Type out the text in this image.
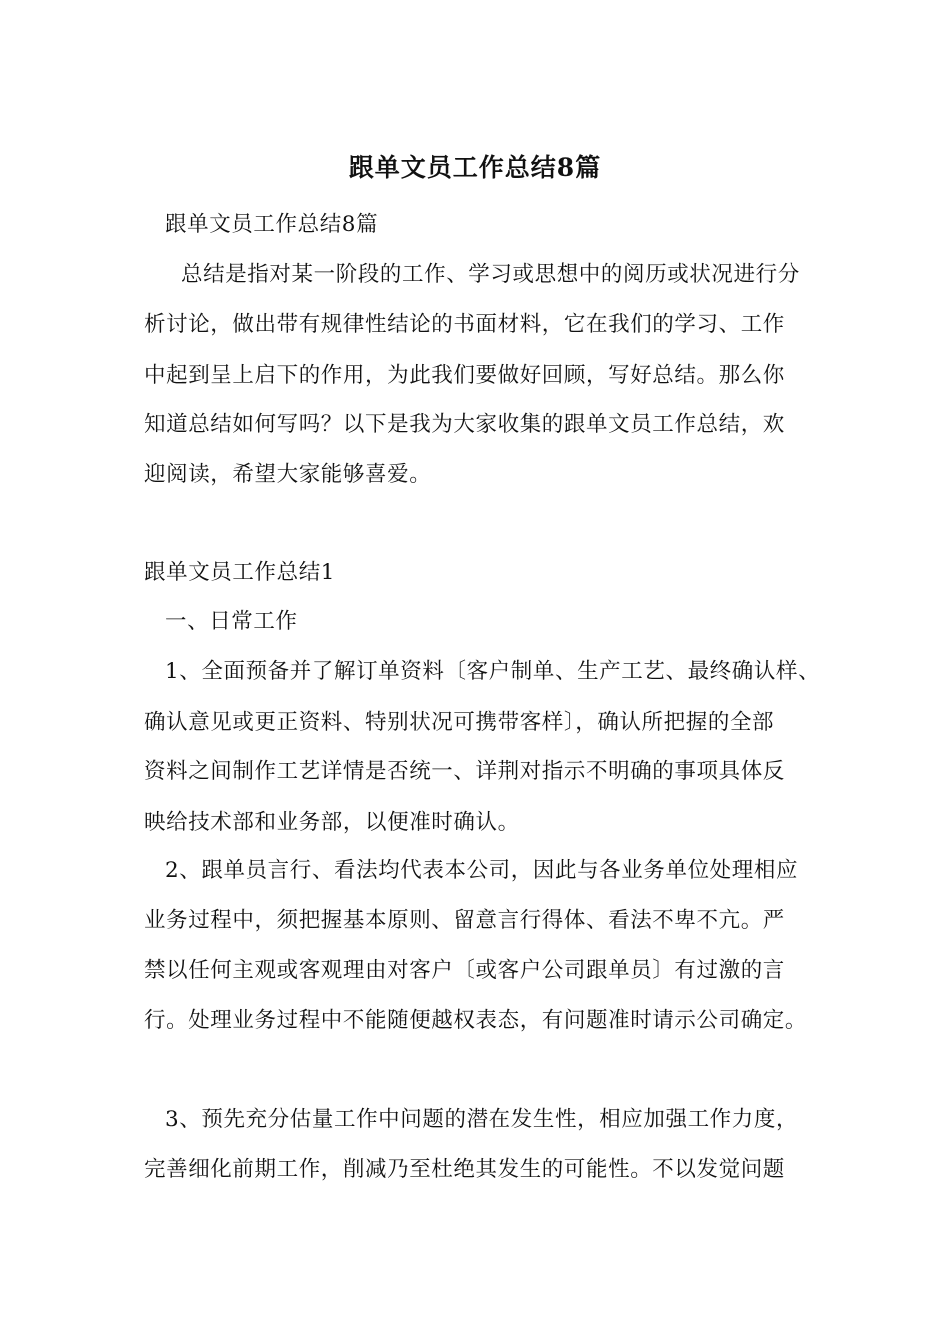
跟单文员工作总结8篇
跟单文员工作总结8篇
总结是指对某一阶段的工作、学习或思想中的阅历或状况进行分
析讨论，做出带有规律性结论的书面材料，它在我们的学习、工作
中起到呈上启下的作用，为此我们要做好回顾，写好总结。那么你
知道总结如何写吗？以下是我为大家收集的跟单文员工作总结，欢
迎阅读，希望大家能够喜爱。
跟单文员工作总结1
一、日常工作
1、全面预备并了解订单资料〔客户制单、生产工艺、最终确认样、
确认意见或更正资料、特别状况可携带客样〕，确认所把握的全部
资料之间制作工艺详情是否统一、详荆对指示不明确的事项具体反
映给技术部和业务部，以便准时确认。
2、跟单员言行、看法均代表本公司，因此与各业务单位处理相应
业务过程中，须把握基本原则、留意言行得体、看法不卑不亢。严
禁以任何主观或客观理由对客户〔或客户公司跟单员〕有过激的言
行。处理业务过程中不能随便越权表态，有问题准时请示公司确定。
3、预先充分估量工作中问题的潜在发生性，相应加强工作力度，
完善细化前期工作，削减乃至杜绝其发生的可能性。不以发觉问题
